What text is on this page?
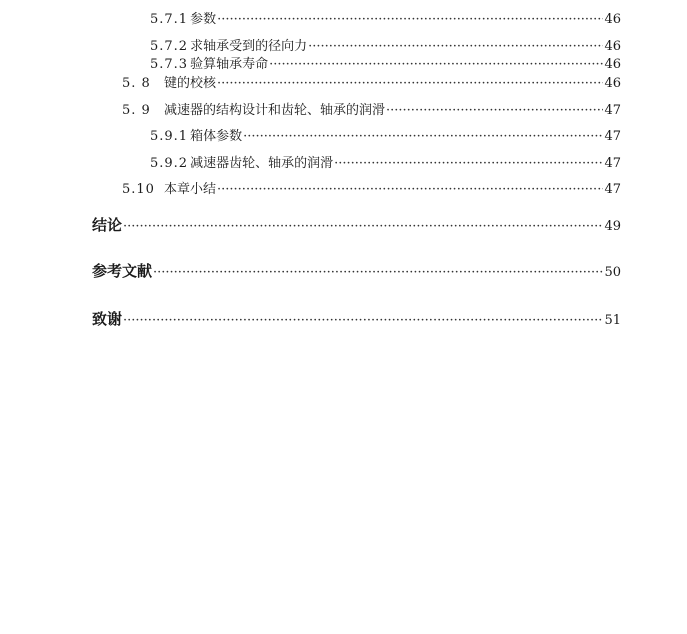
5.7.1 参数 ·····	46
5.7.2 求轴承受到的径向力 ·····	46
5.7.3 验算轴承寿命 ·····	46
5. 8	键的校核 ·····	46
5. 9	减速器的结构设计和齿轮、轴承的润滑 ·····	47
5.9.1 箱体参数 ·····	47
5.9.2 减速器齿轮、轴承的润滑 ·····	47
5.10 本章小结 ·····	47
结论 ·····	49
参考文献 ·····	50
致谢 ·····	51
